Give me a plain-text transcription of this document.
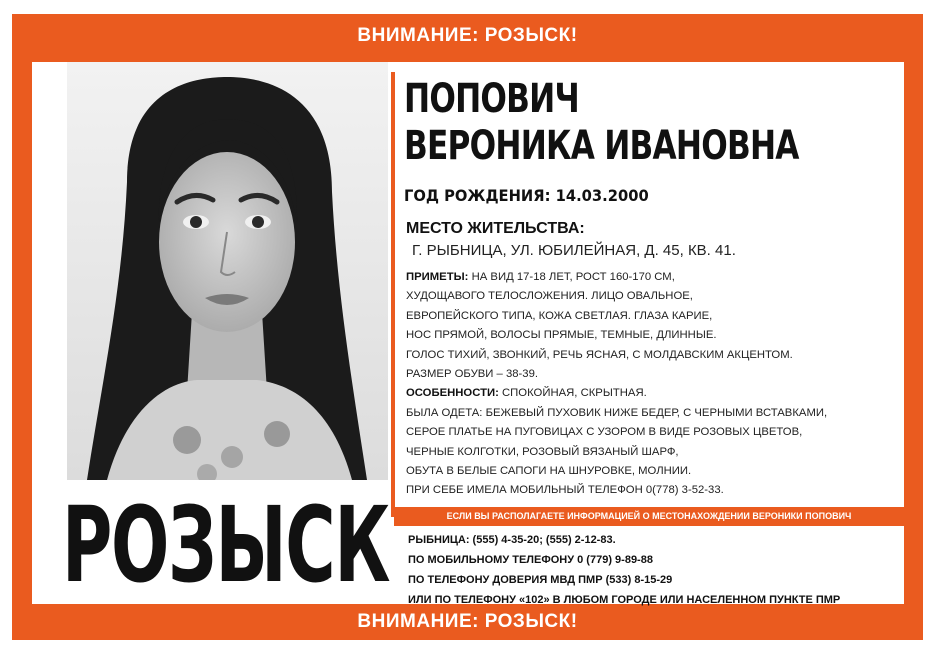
ВНИМАНИЕ: РОЗЫСК!
РОЗЫСК
ПОПОВИЧ
ВЕРОНИКА ИВАНОВНА
ГОД РОЖДЕНИЯ: 14.03.2000
МЕСТО ЖИТЕЛЬСТВА:
Г. РЫБНИЦА, УЛ. ЮБИЛЕЙНАЯ, Д. 45, КВ. 41.
ПРИМЕТЫ: НА ВИД 17-18 ЛЕТ, РОСТ 160-170 СМ,
ХУДОЩАВОГО ТЕЛОСЛОЖЕНИЯ. ЛИЦО ОВАЛЬНОЕ,
ЕВРОПЕЙСКОГО ТИПА, КОЖА СВЕТЛАЯ. ГЛАЗА КАРИЕ,
НОС ПРЯМОЙ, ВОЛОСЫ ПРЯМЫЕ, ТЕМНЫЕ, ДЛИННЫЕ.
ГОЛОС ТИХИЙ, ЗВОНКИЙ, РЕЧЬ ЯСНАЯ, С МОЛДАВСКИМ АКЦЕНТОМ.
РАЗМЕР ОБУВИ – 38-39.
ОСОБЕННОСТИ: СПОКОЙНАЯ, СКРЫТНАЯ.
БЫЛА ОДЕТА: БЕЖЕВЫЙ ПУХОВИК НИЖЕ БЕДЕР, С ЧЕРНЫМИ ВСТАВКАМИ,
СЕРОЕ ПЛАТЬЕ НА ПУГОВИЦАХ С УЗОРОМ В ВИДЕ РОЗОВЫХ ЦВЕТОВ,
ЧЕРНЫЕ КОЛГОТКИ, РОЗОВЫЙ ВЯЗАНЫЙ ШАРФ,
ОБУТА В БЕЛЫЕ САПОГИ НА ШНУРОВКЕ, МОЛНИИ.
ПРИ СЕБЕ ИМЕЛА МОБИЛЬНЫЙ ТЕЛЕФОН 0(778) 3-52-33.
ЕСЛИ ВЫ РАСПОЛАГАЕТЕ ИНФОРМАЦИЕЙ О МЕСТОНАХОЖДЕНИИ ВЕРОНИКИ ПОПОВИЧ
РЫБНИЦА: (555) 4-35-20; (555) 2-12-83.
ПО МОБИЛЬНОМУ ТЕЛЕФОНУ 0 (779) 9-89-88
ПО ТЕЛЕФОНУ ДОВЕРИЯ МВД ПМР (533) 8-15-29
ИЛИ ПО ТЕЛЕФОНУ «102» В ЛЮБОМ ГОРОДЕ ИЛИ НАСЕЛЕННОМ ПУНКТЕ ПМР
ВНИМАНИЕ: РОЗЫСК!
